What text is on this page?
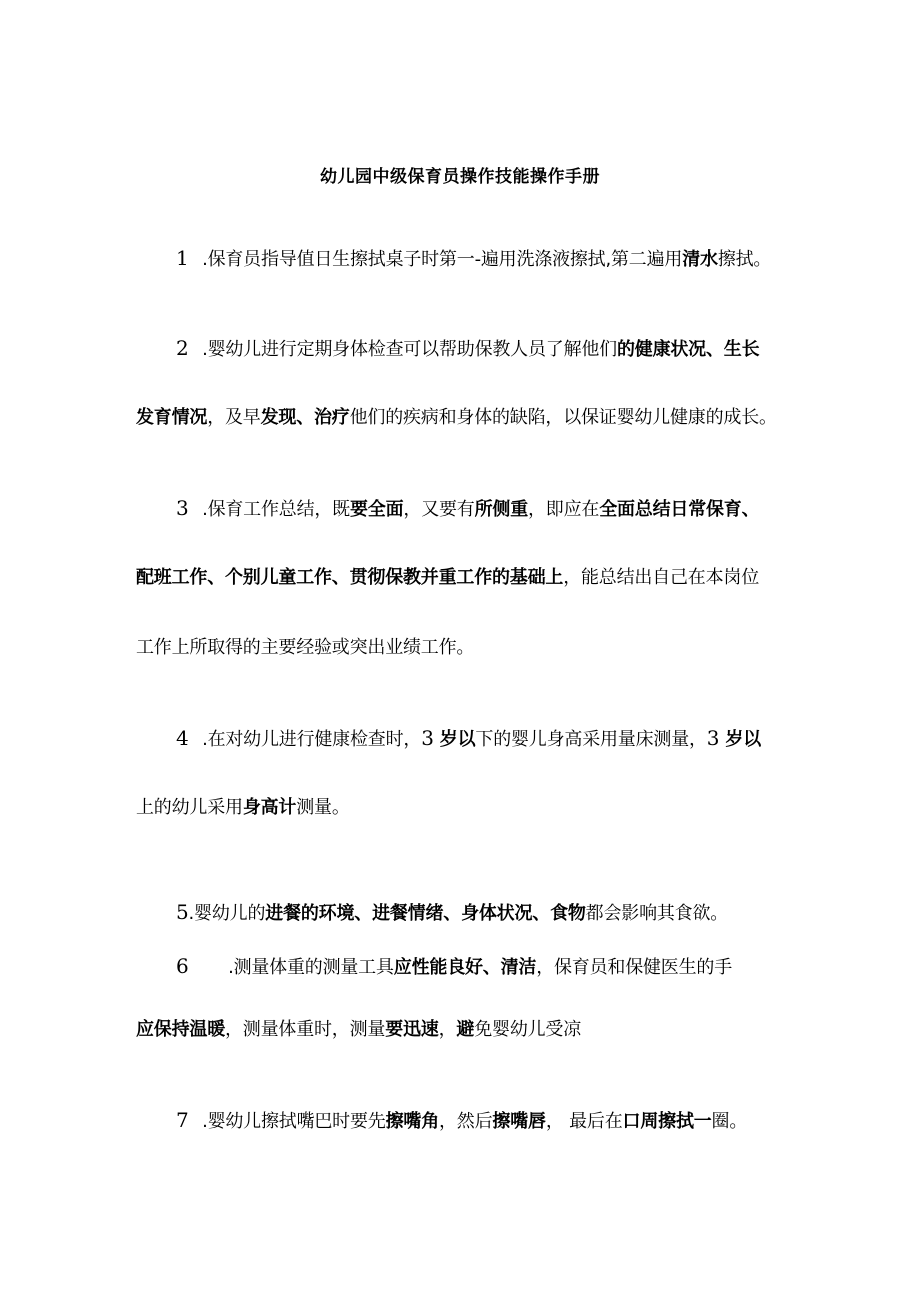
幼儿园中级保育员操作技能操作手册
1 .保育员指导值日生擦拭桌子时第一-遍用洗涤液擦拭,第二遍用清水擦拭。
2 .婴幼儿进行定期身体检查可以帮助保教人员了解他们的健康状况、生长
发育情况，及早发现、治疗他们的疾病和身体的缺陷，以保证婴幼儿健康的成长。
3 .保育工作总结，既要全面，又要有所侧重，即应在全面总结日常保育、
配班工作、个别儿童工作、贯彻保教并重工作的基础上，能总结出自己在本岗位
工作上所取得的主要经验或突出业绩工作。
4 .在对幼儿进行健康检查时，3 岁以下的婴儿身高采用量床测量，3 岁以
上的幼儿采用身高计测量。
5.婴幼儿的进餐的环境、进餐情绪、身体状况、食物都会影响其食欲。
6 .测量体重的测量工具应性能良好、清洁，保育员和保健医生的手
应保持温暖，测量体重时，测量要迅速，避免婴幼儿受凉
7 .婴幼儿擦拭嘴巴时要先擦嘴角，然后擦嘴唇， 最后在口周擦拭一圈。
